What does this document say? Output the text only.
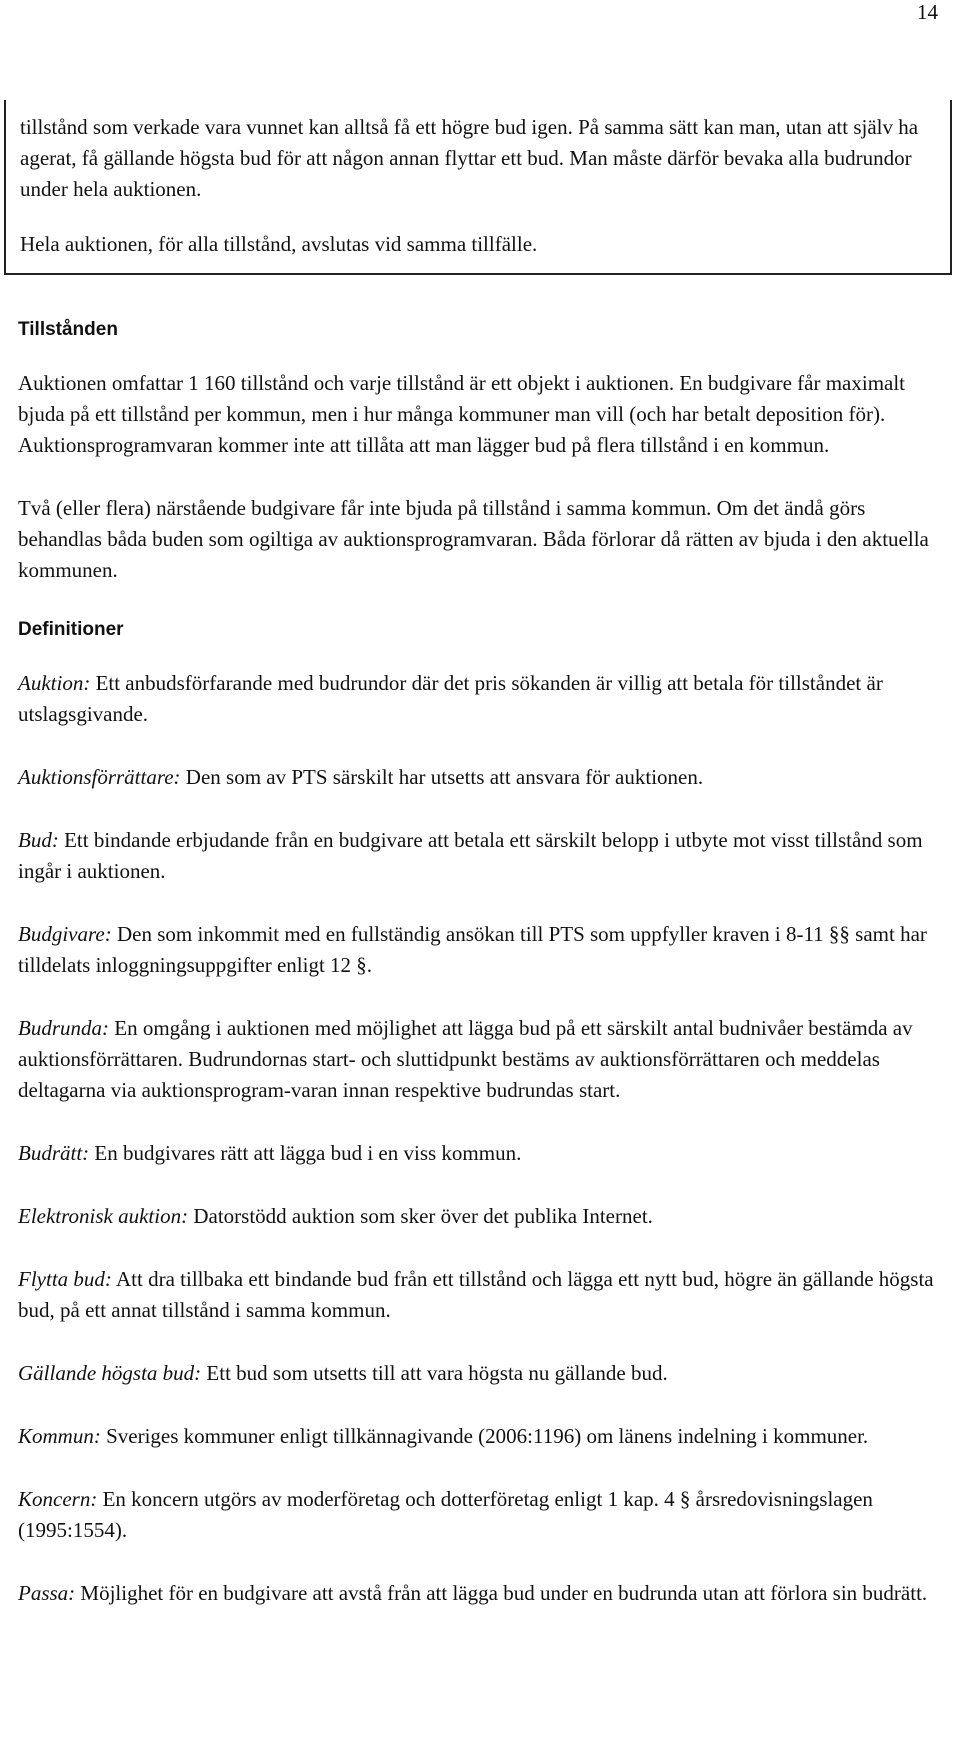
14

tillstånd som verkade vara vunnet kan alltså få ett högre bud igen. På samma sätt kan man, utan att själv ha agerat, få gällande högsta bud för att någon annan flyttar ett bud. Man måste därför bevaka alla budrundor under hela auktionen.

Hela auktionen, för alla tillstånd, avslutas vid samma tillfälle.

Tillstånden

Auktionen omfattar 1 160 tillstånd och varje tillstånd är ett objekt i auktionen. En budgivare får maximalt bjuda på ett tillstånd per kommun, men i hur många kommuner man vill (och har betalt deposition för). Auktionsprogramvaran kommer inte att tillåta att man lägger bud på flera tillstånd i en kommun.

Två (eller flera) närstående budgivare får inte bjuda på tillstånd i samma kommun. Om det ändå görs behandlas båda buden som ogiltiga av auktionsprogramvaran. Båda förlorar då rätten av bjuda i den aktuella kommunen.

Definitioner

Auktion: Ett anbudsförfarande med budrundor där det pris sökanden är villig att betala för tillståndet är utslagsgivande.

Auktionsförrättare: Den som av PTS särskilt har utsetts att ansvara för auktionen.

Bud: Ett bindande erbjudande från en budgivare att betala ett särskilt belopp i utbyte mot visst tillstånd som ingår i auktionen.

Budgivare: Den som inkommit med en fullständig ansökan till PTS som uppfyller kraven i 8-11 §§ samt har tilldelats inloggningsuppgifter enligt 12 §.

Budrunda: En omgång i auktionen med möjlighet att lägga bud på ett särskilt antal budnivåer bestämda av auktionsförrättaren. Budrundornas start- och sluttidpunkt bestäms av auktionsförrättaren och meddelas deltagarna via auktionsprogram-varan innan respektive budrundas start.

Budrätt: En budgivares rätt att lägga bud i en viss kommun.

Elektronisk auktion: Datorstödd auktion som sker över det publika Internet.

Flytta bud: Att dra tillbaka ett bindande bud från ett tillstånd och lägga ett nytt bud, högre än gällande högsta bud, på ett annat tillstånd i samma kommun.

Gällande högsta bud: Ett bud som utsetts till att vara högsta nu gällande bud.

Kommun: Sveriges kommuner enligt tillkännagivande (2006:1196) om länens indelning i kommuner.

Koncern: En koncern utgörs av moderföretag och dotterföretag enligt 1 kap. 4 § årsredovisningslagen (1995:1554).

Passa: Möjlighet för en budgivare att avstå från att lägga bud under en budrunda utan att förlora sin budrätt.
